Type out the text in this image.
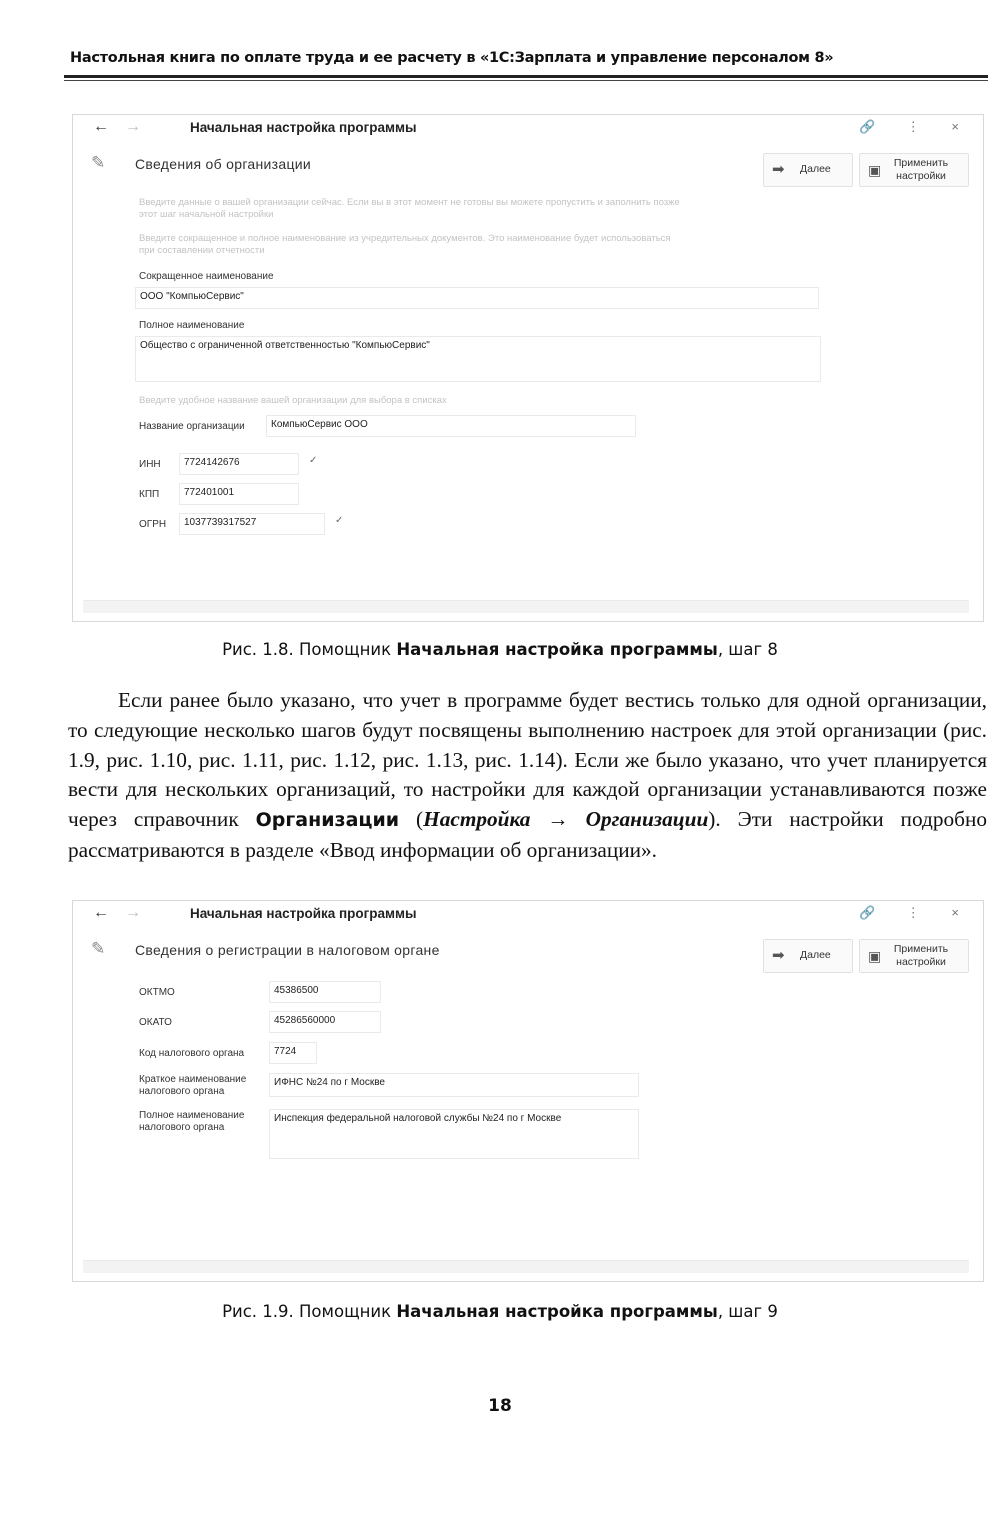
Настольная книга по оплате труда и ее расчету в «1С:Зарплата и управление персоналом 8»
← →	Начальная настройка программы	🔗 ⋮ ×
✎	Сведения об организации	➡ Далее	▣	Применить настройки
Введите данные о вашей организации сейчас. Если вы в этот момент не готовы вы можете пропустить и заполнить позже
этот шаг начальной настройки
Введите сокращенное и полное наименование из учредительных документов. Это наименование будет использоваться
при составлении отчетности
Сокращенное наименование
ООО "КомпьюСервис"
Полное наименование
Общество с ограниченной ответственностью "КомпьюСервис"
Введите удобное название вашей организации для выбора в списках
Название организации	КомпьюСервис ООО
ИНН 7724142676	✓
КПП 772401001
ОГРН 1037739317527	✓
Рис. 1.8. Помощник Начальная настройка программы, шаг 8

Если ранее было указано, что учет в программе будет вестись только для одной организации, то следующие несколько шагов будут посвящены выполнению настроек для этой организации (рис. 1.9, рис. 1.10, рис. 1.11, рис. 1.12, рис. 1.13, рис. 1.14). Если же было указано, что учет планируется вести для нескольких организаций, то настройки для каждой организации устанавливаются позже через справочник Организации (Настройка → Организации). Эти настройки подробно рассматриваются в разделе «Ввод информации об организации».

← →	Начальная настройка программы	🔗 ⋮ ×
✎	Сведения о регистрации в налоговом органе	➡ Далее	▣	Применить настройки
ОКТМО	45386500
ОКАТО	45286560000
Код налогового органа	7724
Краткое наименование налогового органа
ИФНС №24 по г Москве
Полное наименование налогового органа
Инспекция федеральной налоговой службы №24 по г Москве
Рис. 1.9. Помощник Начальная настройка программы, шаг 9
18
